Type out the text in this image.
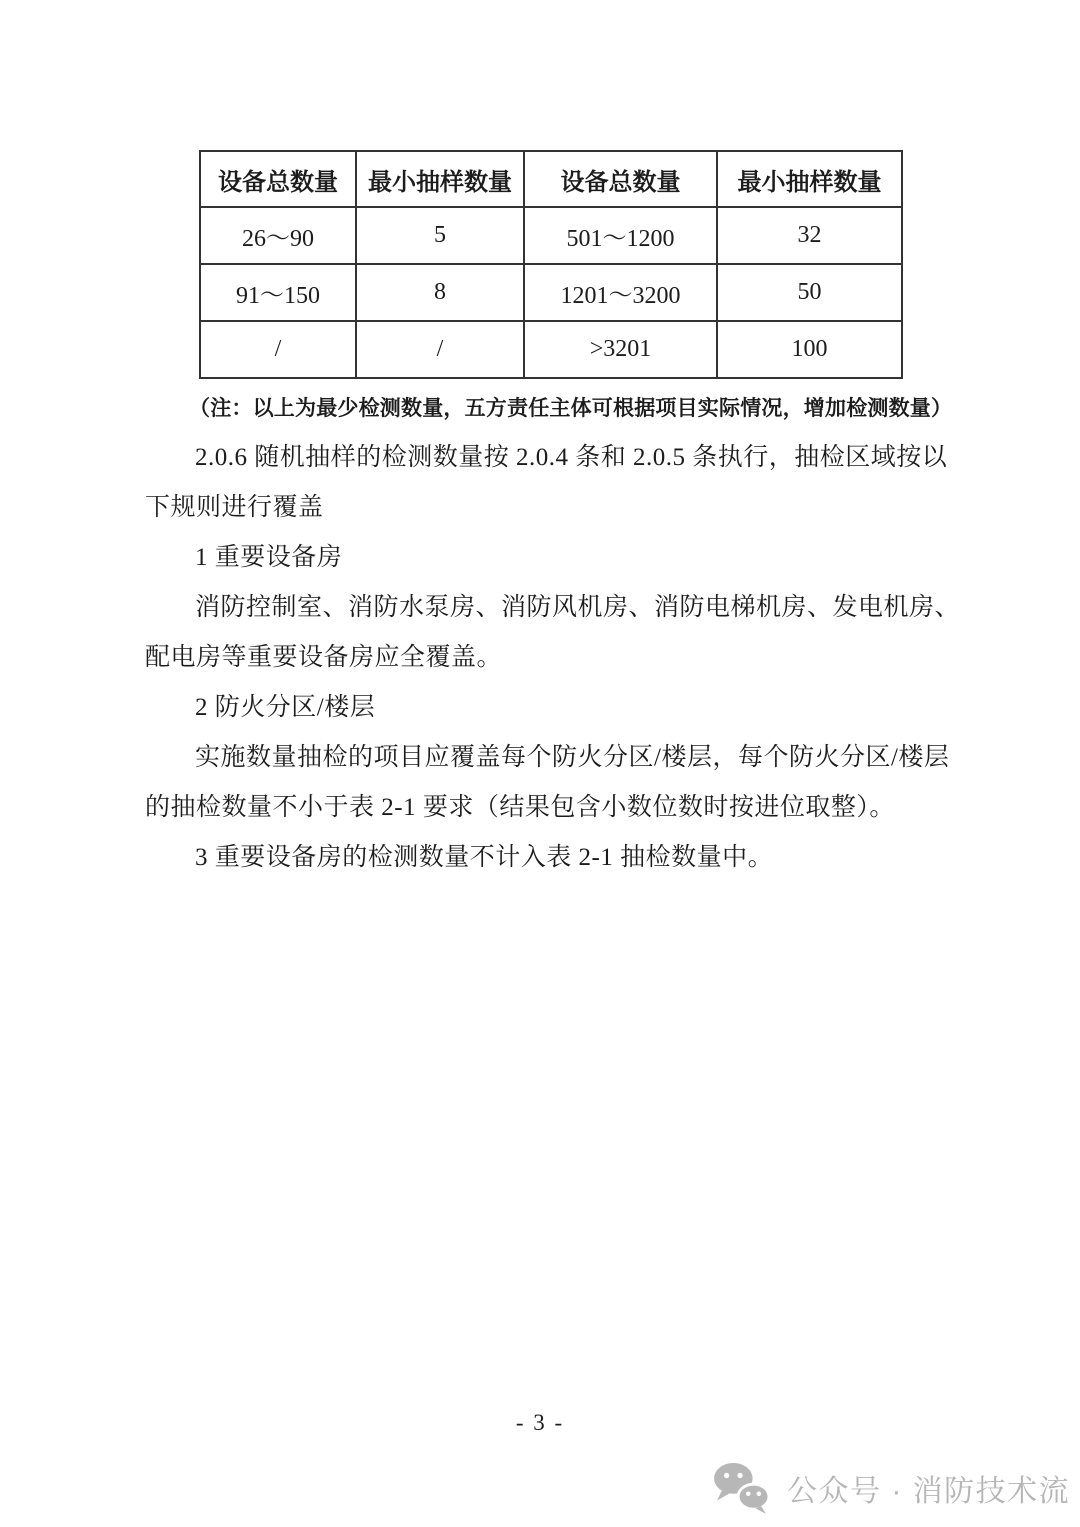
设备总数量	最小抽样数量	设备总数量	最小抽样数量
26～90	5	501～1200	32
91～150	8	1201～3200	50
/	/	>3201	100
（注：以上为最少检测数量，五方责任主体可根据项目实际情况，增加检测数量）
2.0.6 随机抽样的检测数量按 2.0.4 条和 2.0.5 条执行，抽检区域按以
下规则进行覆盖
1 重要设备房
消防控制室、消防水泵房、消防风机房、消防电梯机房、发电机房、
配电房等重要设备房应全覆盖。
2 防火分区/楼层
实施数量抽检的项目应覆盖每个防火分区/楼层，每个防火分区/楼层
的抽检数量不小于表 2-1 要求（结果包含小数位数时按进位取整）。
3 重要设备房的检测数量不计入表 2-1 抽检数量中。
- 3 -
公众号 · 消防技术流
